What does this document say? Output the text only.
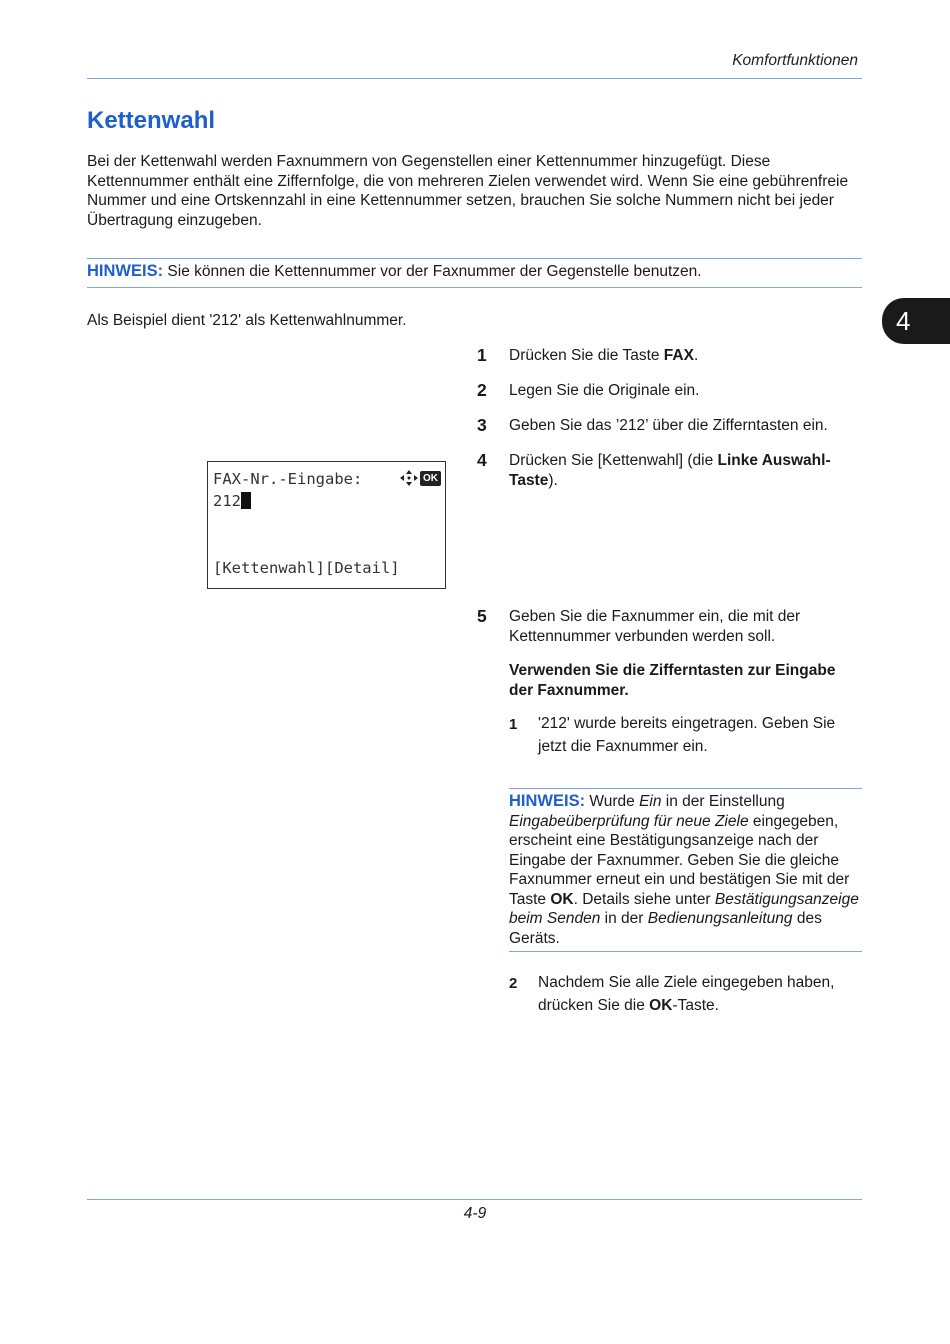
Komfortfunktionen
Kettenwahl
Bei der Kettenwahl werden Faxnummern von Gegenstellen einer Kettennummer hinzugefügt. Diese Kettennummer enthält eine Ziffernfolge, die von mehreren Zielen verwendet wird. Wenn Sie eine gebührenfreie Nummer und eine Ortskennzahl in eine Kettennummer setzen, brauchen Sie solche Nummern nicht bei jeder Übertragung einzugeben.
HINWEIS: Sie können die Kettennummer vor der Faxnummer der Gegenstelle benutzen.
Als Beispiel dient '212' als Kettenwahlnummer.	4
FAX-Nr.-Eingabe:	OK
212
[Kettenwahl][Detail]
1 Drücken Sie die Taste FAX.
2 Legen Sie die Originale ein.
3 Geben Sie das ’212’ über die Zifferntasten ein.
4 Drücken Sie [Kettenwahl] (die Linke Auswahl-Taste).
5 Geben Sie die Faxnummer ein, die mit der Kettennummer verbunden werden soll.
Verwenden Sie die Zifferntasten zur Eingabe der Faxnummer.
1 '212' wurde bereits eingetragen. Geben Sie jetzt die Faxnummer ein.
HINWEIS: Wurde Ein in der Einstellung Eingabeüberprüfung für neue Ziele eingegeben, erscheint eine Bestätigungsanzeige nach der Eingabe der Faxnummer. Geben Sie die gleiche Faxnummer erneut ein und bestätigen Sie mit der Taste OK. Details siehe unter Bestätigungsanzeige beim Senden in der Bedienungsanleitung des Geräts.
2 Nachdem Sie alle Ziele eingegeben haben, drücken Sie die OK-Taste.
4-9
